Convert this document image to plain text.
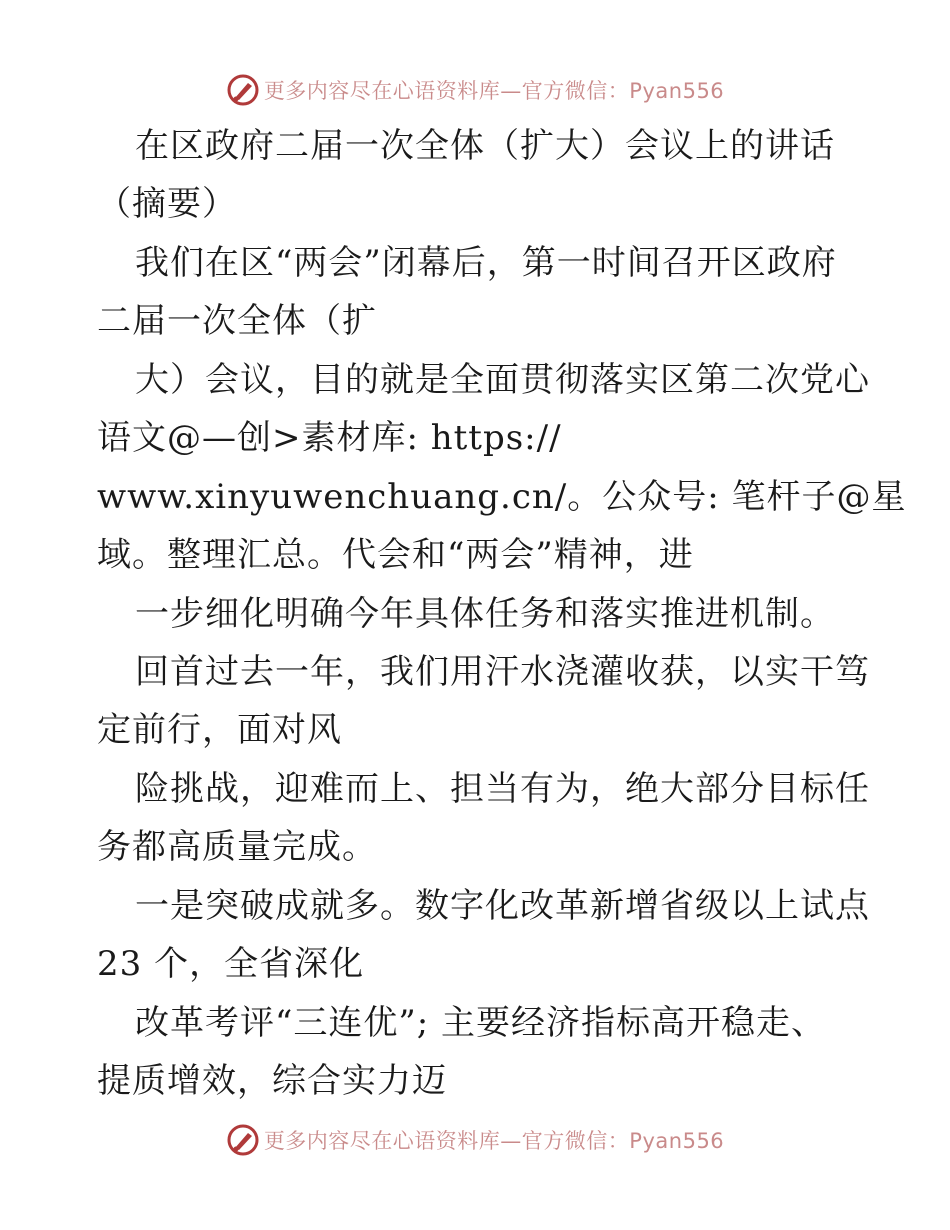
更多内容尽在心语资料库—官方微信：Pyan556
在区政府二届一次全体（扩大）会议上的讲话
（摘要）
我们在区“两会”闭幕后，第一时间召开区政府
二届一次全体（扩
大）会议，目的就是全面贯彻落实区第二次党心
语文@—创>素材库: https://
www.xinyuwenchuang.cn/。公众号: 笔杆子@星
域。整理汇总。代会和“两会”精神，进
一步细化明确今年具体任务和落实推进机制。
回首过去一年，我们用汗水浇灌收获，以实干笃
定前行，面对风
险挑战，迎难而上、担当有为，绝大部分目标任
务都高质量完成。
一是突破成就多。数字化改革新增省级以上试点
23 个，全省深化
改革考评“三连优”; 主要经济指标高开稳走、
提质增效，综合实力迈
更多内容尽在心语资料库—官方微信：Pyan556
